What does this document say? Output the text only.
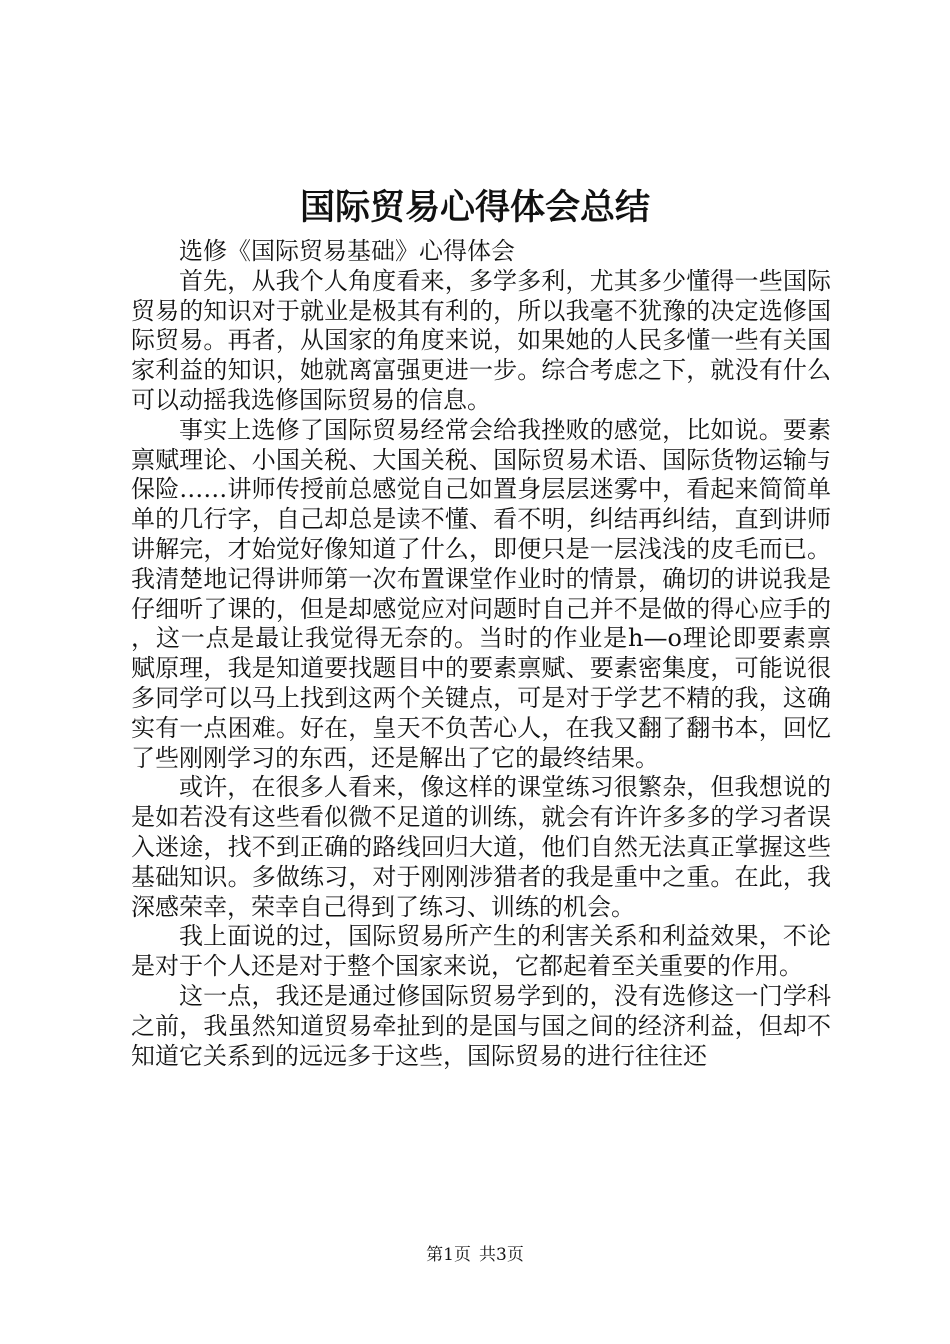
国际贸易心得体会总结

选修《国际贸易基础》心得体会

首先，从我个人角度看来，多学多利，尤其多少懂得一些国际贸易的知识对于就业是极其有利的，所以我毫不犹豫的决定选修国际贸易。再者，从国家的角度来说，如果她的人民多懂一些有关国家利益的知识，她就离富强更进一步。综合考虑之下，就没有什么可以动摇我选修国际贸易的信息。

事实上选修了国际贸易经常会给我挫败的感觉，比如说。要素禀赋理论、小国关税、大国关税、国际贸易术语、国际货物运输与保险……讲师传授前总感觉自己如置身层层迷雾中，看起来简简单单的几行字，自己却总是读不懂、看不明，纠结再纠结，直到讲师讲解完，才始觉好像知道了什么，即便只是一层浅浅的皮毛而已。我清楚地记得讲师第一次布置课堂作业时的情景，确切的讲说我是仔细听了课的，但是却感觉应对问题时自己并不是做的得心应手的，这一点是最让我觉得无奈的。当时的作业是h—o理论即要素禀赋原理，我是知道要找题目中的要素禀赋、要素密集度，可能说很多同学可以马上找到这两个关键点，可是对于学艺不精的我，这确实有一点困难。好在，皇天不负苦心人，在我又翻了翻书本，回忆了些刚刚学习的东西，还是解出了它的最终结果。

或许，在很多人看来，像这样的课堂练习很繁杂，但我想说的是如若没有这些看似微不足道的训练，就会有许许多多的学习者误入迷途，找不到正确的路线回归大道，他们自然无法真正掌握这些基础知识。多做练习，对于刚刚涉猎者的我是重中之重。在此，我深感荣幸，荣幸自己得到了练习、训练的机会。

我上面说的过，国际贸易所产生的利害关系和利益效果，不论是对于个人还是对于整个国家来说，它都起着至关重要的作用。

这一点，我还是通过修国际贸易学到的，没有选修这一门学科之前，我虽然知道贸易牵扯到的是国与国之间的经济利益，但却不知道它关系到的远远多于这些，国际贸易的进行往往还

第1页 共3页
